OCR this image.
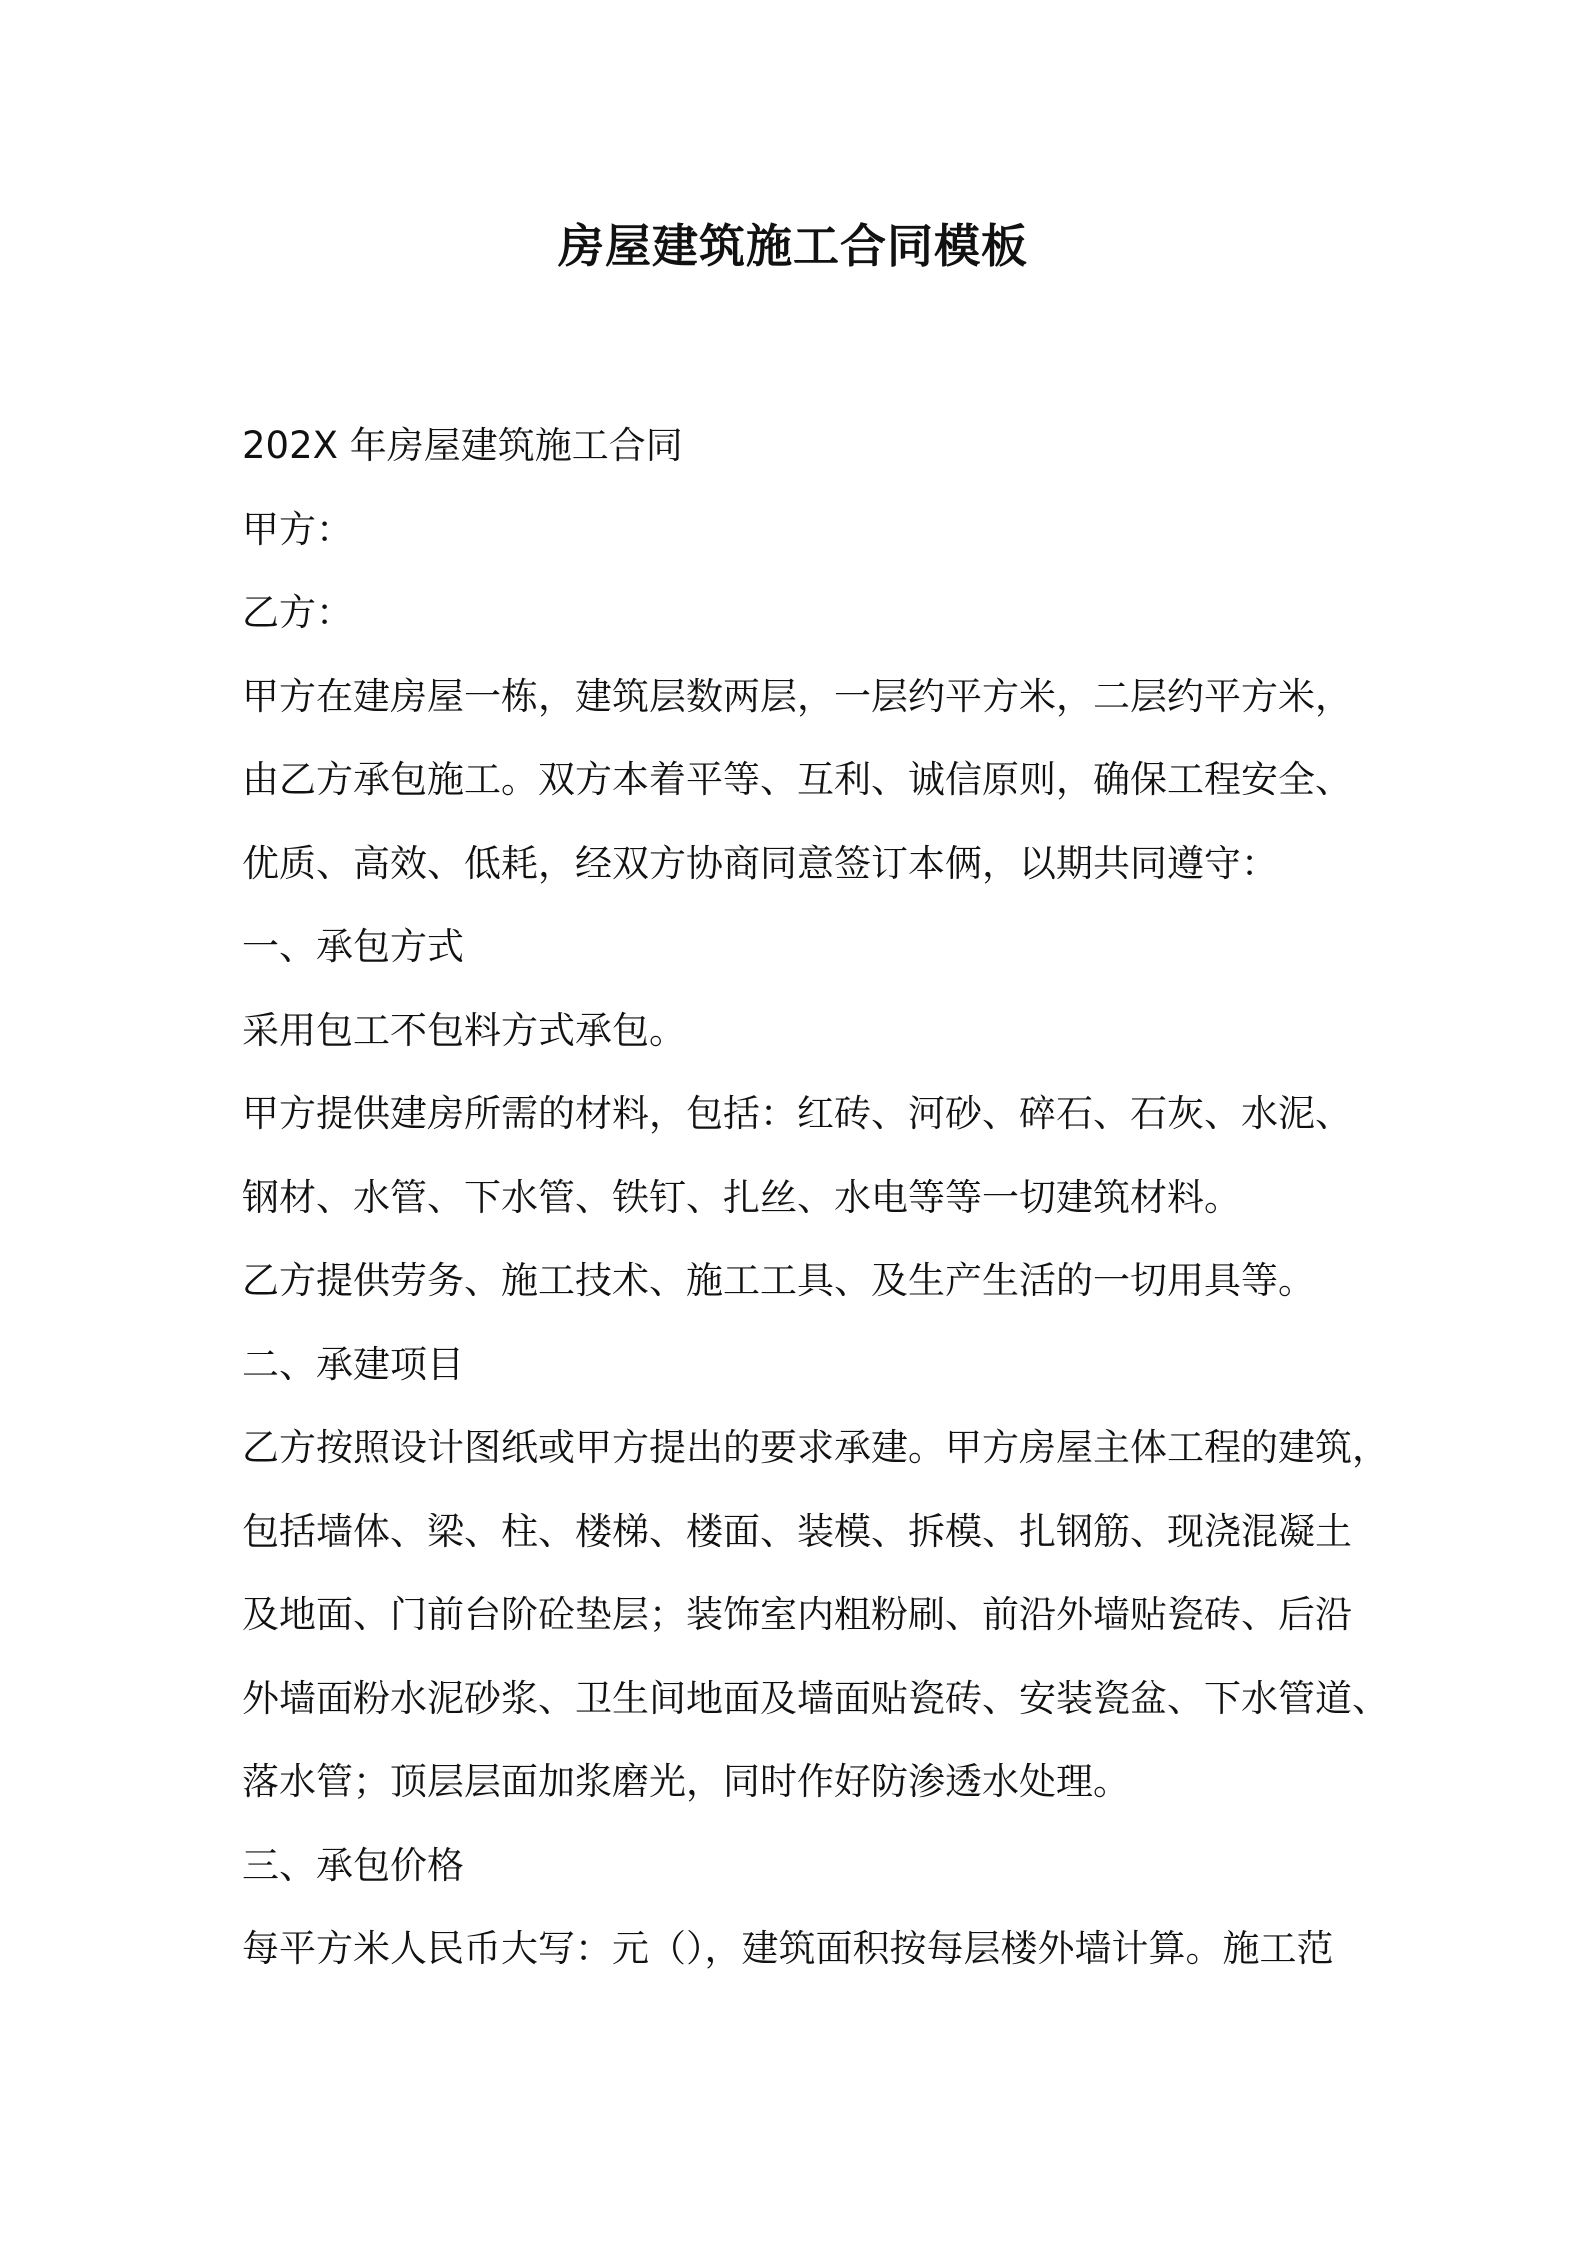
房屋建筑施工合同模板

202X 年房屋建筑施工合同

甲方：

乙方：

甲方在建房屋一栋，建筑层数两层，一层约平方米，二层约平方米，

由乙方承包施工。双方本着平等、互利、诚信原则，确保工程安全、

优质、高效、低耗，经双方协商同意签订本俩，以期共同遵守：

一、承包方式

采用包工不包料方式承包。

甲方提供建房所需的材料，包括：红砖、河砂、碎石、石灰、水泥、

钢材、水管、下水管、铁钉、扎丝、水电等等一切建筑材料。

乙方提供劳务、施工技术、施工工具、及生产生活的一切用具等。

二、承建项目

乙方按照设计图纸或甲方提出的要求承建。甲方房屋主体工程的建筑，

包括墙体、梁、柱、楼梯、楼面、装模、拆模、扎钢筋、现浇混凝土

及地面、门前台阶砼垫层；装饰室内粗粉刷、前沿外墙贴瓷砖、后沿

外墙面粉水泥砂浆、卫生间地面及墙面贴瓷砖、安装瓷盆、下水管道、

落水管；顶层层面加浆磨光，同时作好防渗透水处理。

三、承包价格

每平方米人民币大写：元（），建筑面积按每层楼外墙计算。施工范
